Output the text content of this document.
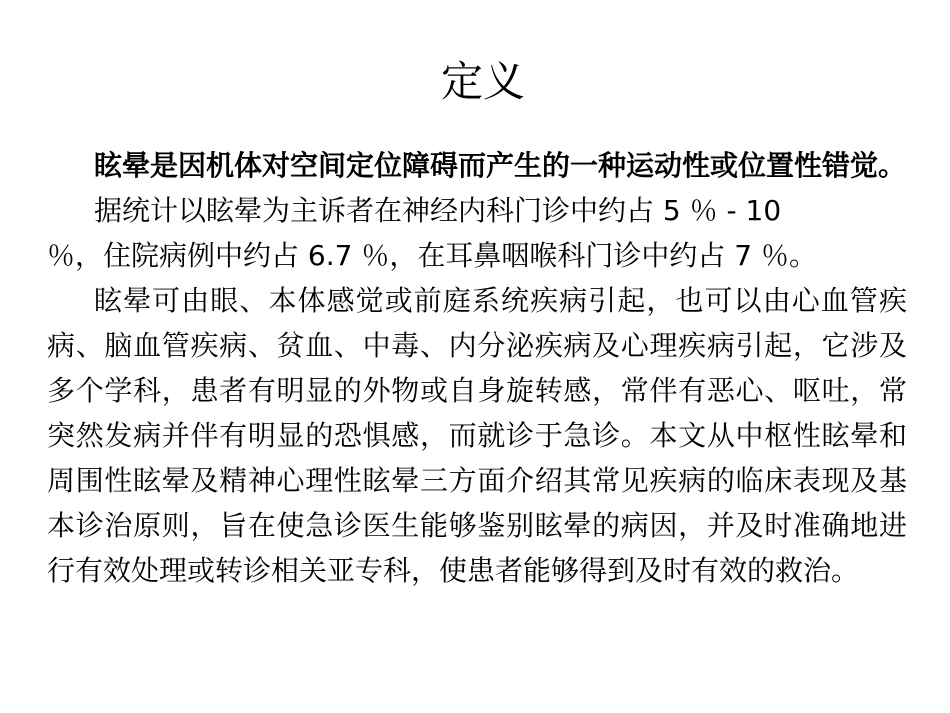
定义

眩晕是因机体对空间定位障碍而产生的一种运动性或位置性错觉。

据统计以眩晕为主诉者在神经内科门诊中约占 5 ％ - 10 ％，住院病例中约占 6.7 ％，在耳鼻咽喉科门诊中约占 7 ％。

眩晕可由眼、本体感觉或前庭系统疾病引起，也可以由心血管疾病、脑血管疾病、贫血、中毒、内分泌疾病及心理疾病引起，它涉及多个学科，患者有明显的外物或自身旋转感，常伴有恶心、呕吐，常突然发病并伴有明显的恐惧感，而就诊于急诊。本文从中枢性眩晕和周围性眩晕及精神心理性眩晕三方面介绍其常见疾病的临床表现及基本诊治原则，旨在使急诊医生能够鉴别眩晕的病因，并及时准确地进行有效处理或转诊相关亚专科，使患者能够得到及时有效的救治。
